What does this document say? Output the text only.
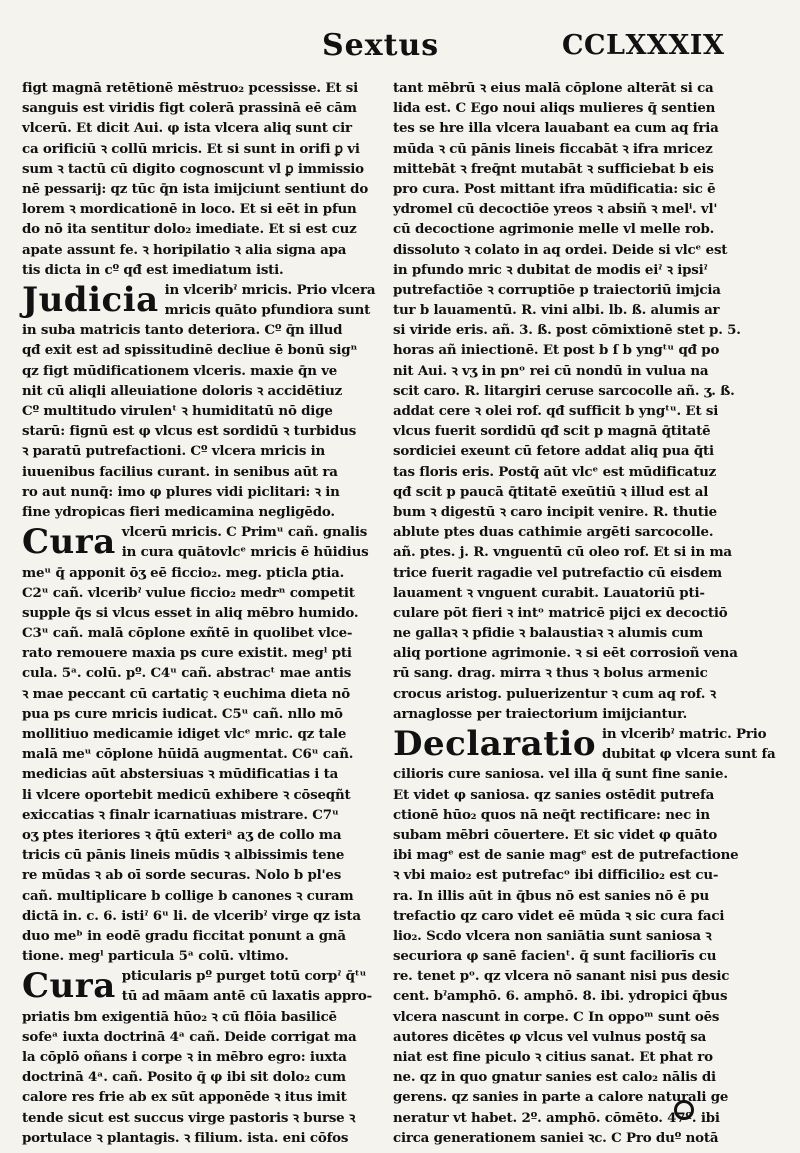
Sextus	CCLXXXIX
figt magnā retētionē mēstruo₂ pcessisse. Et si
sanguis est viridis figt colerā prassinā eē cām
vlcerū. Et dicit Aui. φ ista vlcera aliq sunt cir
ca orificiū ꝛ collū mricis. Et si sunt in orifi ꝑ vi
sum ꝛ tactū cū digito cognoscunt vl ꝑ immissio
nē pessarij: qz tūc q̄n ista imijciunt sentiunt do
lorem ꝛ mordicationē in loco. Et si eēt in pfun
do nō ita sentitur dolo₂ imediate. Et si est cuz
apate assunt fe. ꝛ horipilatio ꝛ alia signa apa
tis dicta in cº qđ est imediatum isti.
Judicia in vlceribˀ mricis. Prio vlcera
mricis quāto pfundiora sunt
in suba matricis tanto deteriora. Cº q̄n illud
qđ exit est ad spissitudinē decliue ē bonū sigⁿ
qz figt mūdificationem vlceris. maxie q̄n ve
nit cū aliqli alleuiatione doloris ꝛ accidētiuz
Cº multitudo virulenᵗ ꝛ humiditatū nō dige
starū: fignū est φ vlcus est sordidū ꝛ turbidus
ꝛ paratū putrefactioni. Cº vlcera mricis in
iuuenibus facilius curant. in senibus aūt ra
ro aut nunq̄: imo φ plures vidi piclitari: ꝛ in
fine ydropicas fieri medicamina negligēdo.
Cura vlcerū mricis. C Primᵘ cañ. gnalis
in cura quātovlcᵉ mricis ē hūidius
meᵘ q̄ apponit ōʒ eē ficcio₂. meg. pticla ꝑtia.
C2ᵘ cañ. vlceribˀ vulue ficcio₂ medrⁿ competit
supple q̄s si vlcus esset in aliq mēbro humido.
C3ᵘ cañ. malā cōplone exñtē in quolibet vlce-
rato remouere maxia ps cure existit. megˡ pti
cula. 5ᵃ. colū. pº. C4ᵘ cañ. abstracᵗ mae antis
ꝛ mae peccant cū cartatiç ꝛ euchima dieta nō
pua ps cure mricis iudicat. C5ᵘ cañ. nllo mō
mollitiuo medicamie idiget vlcᵉ mric. qz tale
malā meᵘ cōplone hūidā augmentat. C6ᵘ cañ.
medicias aūt abstersiuas ꝛ mūdificatias i ta
li vlcere oportebit medicū exhibere ꝛ cōseqñt
exiccatias ꝛ finalr icarnatiuas mistrare. C7ᵘ
oʒ ptes iteriores ꝛ q̄tū exteriᵃ aʒ de collo ma
tricis cū pānis lineis mūdis ꝛ albissimis tene
re mūdas ꝛ ab oī sorde securas. Nolo b pl'es
cañ. multiplicare b collige b canones ꝛ curam
dictā in. c. 6. istiˀ 6ᵘ li. de vlceribˀ virge qz ista
duo meᵇ in eodē gradu ficcitat ponunt a gnā
tione. megˡ particula 5ᵃ colū. vltimo.
Cura pticularis pº purget totū corpˀ q̄ᵗᵘ
tū ad māam antē cū laxatis appro-
priatis bm exigentiā hūo₂ ꝛ cū flōia basilicē
sofeᵃ iuxta doctrinā 4ᵃ cañ. Deide corrigat ma
la cōplō oñans i corpe ꝛ in mēbro egro: iuxta
doctrinā 4ᵃ. cañ. Posito q̄ φ ibi sit dolo₂ cum
calore res frie ab ex sūt apponēde ꝛ itus imit
tende sicut est succus virge pastoris ꝛ burse ꝛ
portulace ꝛ plantagis. ꝛ filium. ista. eni cōfos
tant mēbrū ꝛ eius malā cōplone alterāt si ca
lida est. C Ego noui aliqs mulieres q̄ sentien
tes se hre illa vlcera lauabant ea cum aq fria
mūda ꝛ cū pānis lineis ficcabāt ꝛ ifra mricez
mittebāt ꝛ freq̄nt mutabāt ꝛ sufficiebat b eis
pro cura. Post mittant ifra mūdificatia: sic ē
ydromel cū decoctiōe yreos ꝛ absiñ ꝛ melⁱ. vl'
cū decoctione agrimonie melle vl melle rob.
dissoluto ꝛ colato in aq ordei. Deide si vlcᵉ est
in pfundo mric ꝛ dubitat de modis eiˀ ꝛ ipsiˀ
putrefactiōe ꝛ corruptiōe p traiectoriū imjcia
tur b lauamentū. R. vini albi. lb. ß. alumis ar
si viride eris. añ. 3. ß. post cōmixtionē stet p. 5.
horas añ iniectionē. Et post b ſ b yngᵗᵘ qđ po
nit Aui. ꝛ vʒ in pnᵒ rei cū nondū in vulua na
scit caro. R. litargiri ceruse sarcocolle añ. ʒ. ß.
addat cere ꝛ olei rof. qđ sufficit b yngᵗᵘ. Et si
vlcus fuerit sordidū qđ scit p magnā q̄titatē
sordiciei exeunt cū fetore addat aliq pua q̄ti
tas floris eris. Postq̄ aūt vlcᵉ est mūdificatuz
qđ scit p paucā q̄titatē exeūtiū ꝛ illud est al
bum ꝛ digestū ꝛ caro incipit venire. R. thutie
ablute ptes duas cathimie argēti sarcocolle.
añ. ptes. j. R. vnguentū cū oleo rof. Et si in ma
trice fuerit ragadie vel putrefactio cū eisdem
lauament ꝛ vnguent curabit. Lauatoriū pti-
culare pōt fieri ꝛ intᵒ matricē pijci ex decoctiō
ne gallaꝛ ꝛ pfidie ꝛ balaustiaꝛ ꝛ alumis cum
aliq portione agrimonie. ꝛ si eēt corrosioñ vena
rū sang. drag. mirra ꝛ thus ꝛ bolus armenic
crocus aristog. puluerizentur ꝛ cum aq rof. ꝛ
arnaglosse per traiectorium imijciantur.
Declaratio in vlceribˀ matric. Prio
dubitat φ vlcera sunt fa
cilioris cure saniosa. vel illa q̄ sunt fine sanie.
Et videt φ saniosa. qz sanies ostēdit putrefa
ctionē hūo₂ quos nā neq̄t rectificare: nec in
subam mēbri cōuertere. Et sic videt φ quāto
ibi magᵉ est de sanie magᵉ est de putrefactione
ꝛ vbi maio₂ est putrefacᵒ ibi difficilio₂ est cu-
ra. In illis aūt in q̄bus nō est sanies nō ē pu
trefactio qz caro videt eē mūda ꝛ sic cura faci
lio₂. Scdo vlcera non saniātia sunt saniosa ꝛ
securiora φ sanē facienᵗ. q̄ sunt faciliorīs cu
re. tenet pᵒ. qz vlcera nō sanant nisi pus desic
cent. bˀamphō. 6. amphō. 8. ibi. ydropici q̄bus
vlcera nascunt in corpe. C In oppoᵐ sunt oēs
autores dicētes φ vlcus vel vulnus postq̄ sa
niat est fine piculo ꝛ citius sanat. Et phat ro
ne. qz in quo gnatur sanies est calo₂ nālis di
gerens. qz sanies in parte a calore naturali ge
neratur vt habet. 2º. amphō. cōmēto. 47º. ibi
circa generationem saniei ꝛc. C Pro duº notā
